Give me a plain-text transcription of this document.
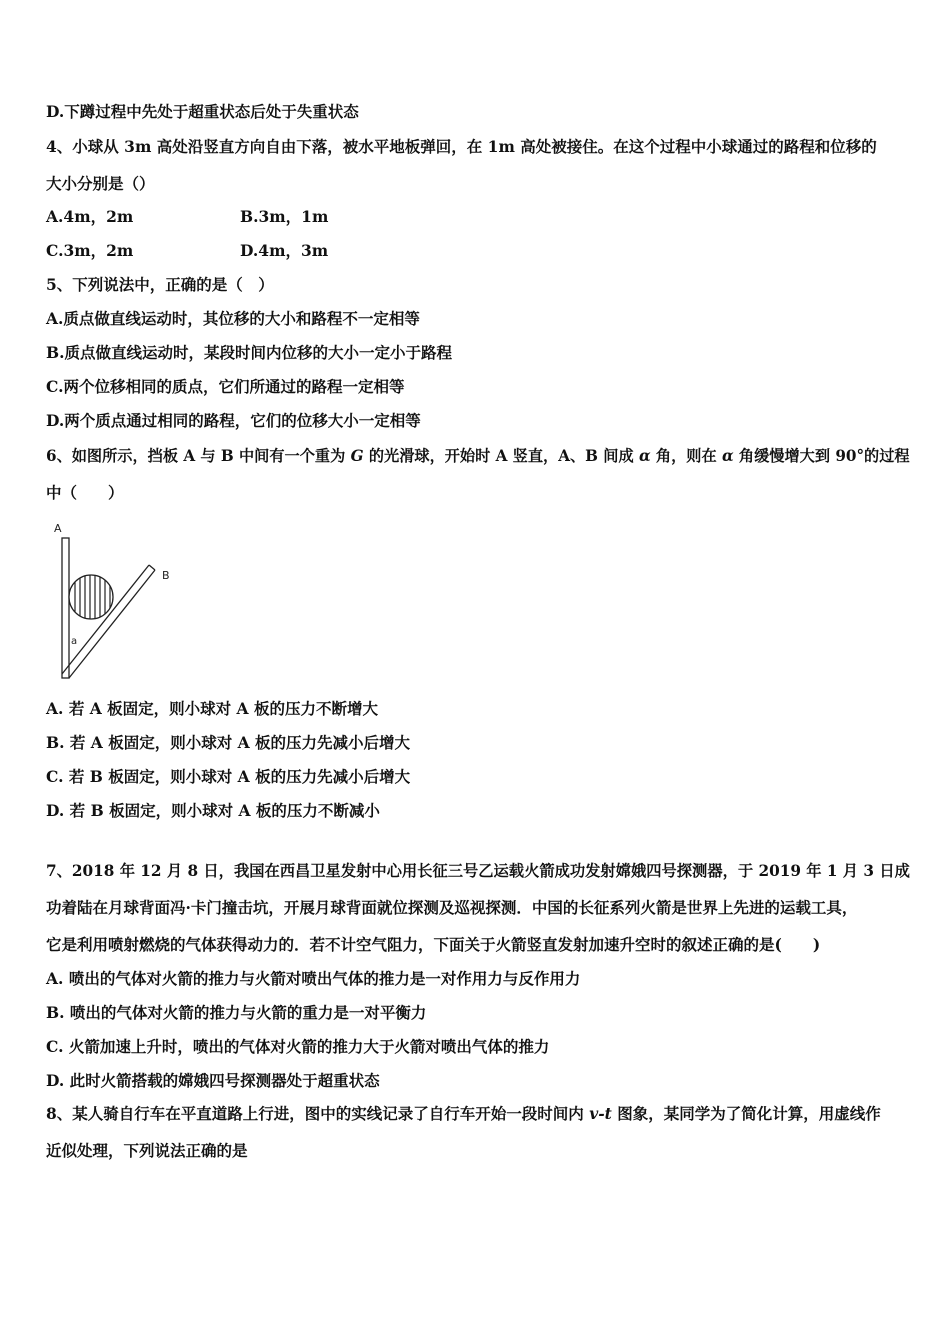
D.下蹲过程中先处于超重状态后处于失重状态
4、小球从 3m 高处沿竖直方向自由下落，被水平地板弹回，在 1m 高处被接住。在这个过程中小球通过的路程和位移的
大小分别是（）
A.4m，2m	B.3m，1m
C.3m，2m	D.4m，3m
5、下列说法中，正确的是（　）
A.质点做直线运动时，其位移的大小和路程不一定相等
B.质点做直线运动时，某段时间内位移的大小一定小于路程
C.两个位移相同的质点，它们所通过的路程一定相等
D.两个质点通过相同的路程，它们的位移大小一定相等
6、如图所示，挡板 A 与 B 中间有一个重为 G 的光滑球，开始时 A 竖直，A、B 间成 α 角，则在 α 角缓慢增大到 90°的过程
中（　　）
A
B
a
A. 若 A 板固定，则小球对 A 板的压力不断增大
B. 若 A 板固定，则小球对 A 板的压力先减小后增大
C. 若 B 板固定，则小球对 A 板的压力先减小后增大
D. 若 B 板固定，则小球对 A 板的压力不断减小
7、2018 年 12 月 8 日，我国在西昌卫星发射中心用长征三号乙运载火箭成功发射嫦娥四号探测器，于 2019 年 1 月 3 日成
功着陆在月球背面冯·卡门撞击坑，开展月球背面就位探测及巡视探测．中国的长征系列火箭是世界上先进的运载工具，
它是利用喷射燃烧的气体获得动力的．若不计空气阻力，下面关于火箭竖直发射加速升空时的叙述正确的是(　　)
A. 喷出的气体对火箭的推力与火箭对喷出气体的推力是一对作用力与反作用力
B. 喷出的气体对火箭的推力与火箭的重力是一对平衡力
C. 火箭加速上升时，喷出的气体对火箭的推力大于火箭对喷出气体的推力
D. 此时火箭搭载的嫦娥四号探测器处于超重状态
8、某人骑自行车在平直道路上行进，图中的实线记录了自行车开始一段时间内 v-t 图象，某同学为了简化计算，用虚线作
近似处理，下列说法正确的是
